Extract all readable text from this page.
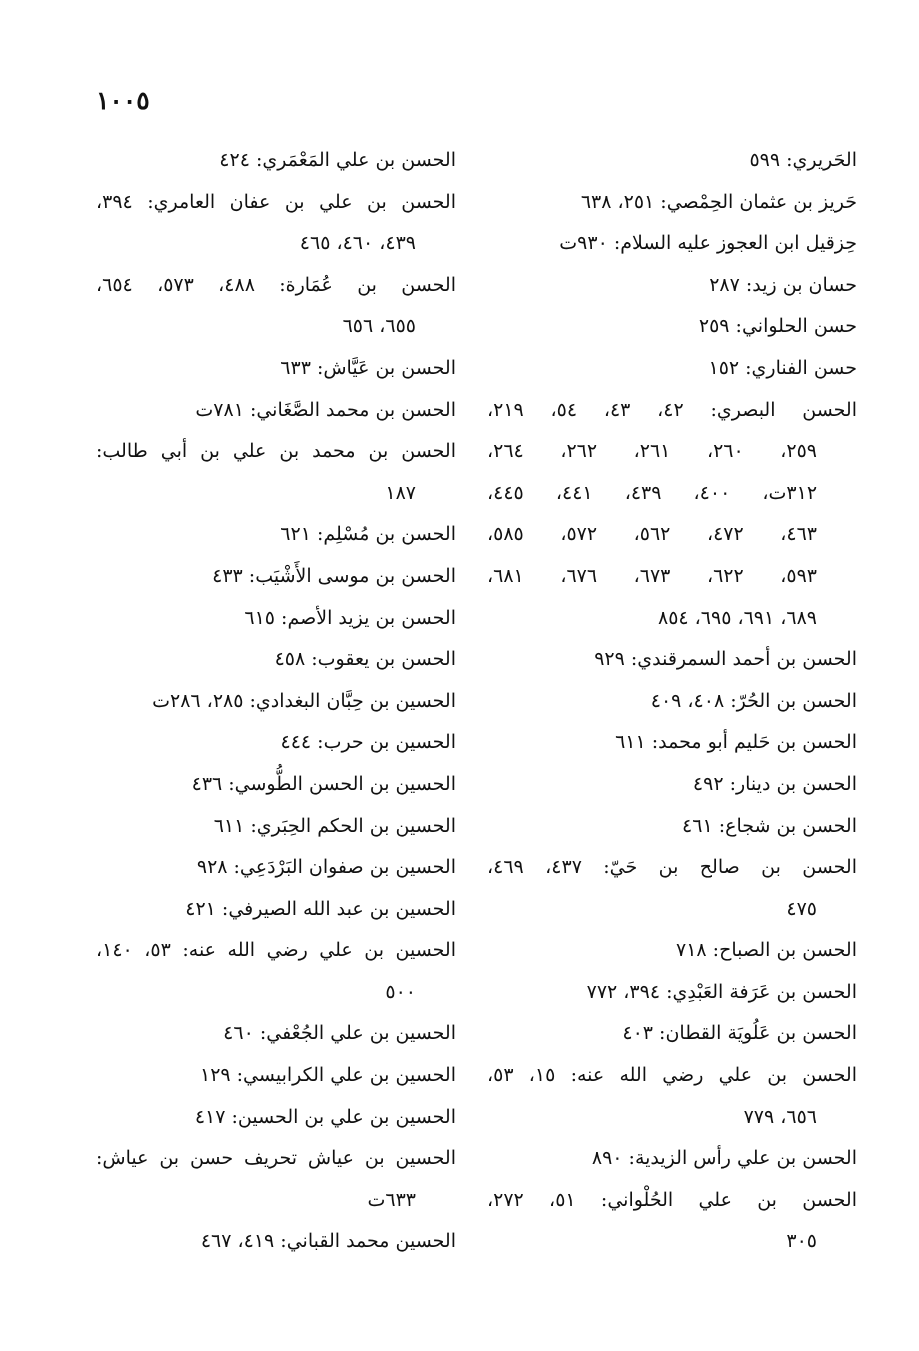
١٠٠٥
الحَريري: ٥٩٩
حَريز بن عثمان الحِمْصي: ٢٥١، ٦٣٨
حِزقيل ابن العجوز عليه السلام: ٩٣٠ت
حسان بن زيد: ٢٨٧
حسن الحلواني: ٢٥٩
حسن الفناري: ١٥٢
الحسن البصري: ٤٢، ٤٣، ٥٤، ٢١٩،
٢٥٩، ٢٦٠، ٢٦١، ٢٦٢، ٢٦٤،
٣١٢ت، ٤٠٠، ٤٣٩، ٤٤١، ٤٤٥،
٤٦٣، ٤٧٢، ٥٦٢، ٥٧٢، ٥٨٥،
٥٩٣، ٦٢٢، ٦٧٣، ٦٧٦، ٦٨١،
٦٨٩، ٦٩١، ٦٩٥، ٨٥٤
الحسن بن أحمد السمرقندي: ٩٢٩
الحسن بن الحُرّ: ٤٠٨، ٤٠٩
الحسن بن حَليم أبو محمد: ٦١١
الحسن بن دينار: ٤٩٢
الحسن بن شجاع: ٤٦١
الحسن بن صالح بن حَيّ: ٤٣٧، ٤٦٩،
٤٧٥
الحسن بن الصباح: ٧١٨
الحسن بن عَرَفة العَبْدِي: ٣٩٤، ٧٧٢
الحسن بن عَلُويَة القطان: ٤٠٣
الحسن بن علي رضي الله عنه: ١٥، ٥٣،
٦٥٦، ٧٧٩
الحسن بن علي رأس الزيدية: ٨٩٠
الحسن بن علي الحُلْواني: ٥١، ٢٧٢،
٣٠٥
الحسن بن علي المَعْمَري: ٤٢٤
الحسن بن علي بن عفان العامري: ٣٩٤،
٤٣٩، ٤٦٠، ٤٦٥
الحسن بن عُمَارة: ٤٨٨، ٥٧٣، ٦٥٤،
٦٥٥، ٦٥٦
الحسن بن عَيَّاش: ٦٣٣
الحسن بن محمد الصَّغَاني: ٧٨١ت
الحسن بن محمد بن علي بن أبي طالب:
١٨٧
الحسن بن مُسْلِم: ٦٢١
الحسن بن موسى الأَشْيَب: ٤٣٣
الحسن بن يزيد الأصم: ٦١٥
الحسن بن يعقوب: ٤٥٨
الحسين بن حِبَّان البغدادي: ٢٨٥، ٢٨٦ت
الحسين بن حرب: ٤٤٤
الحسين بن الحسن الطُّوسي: ٤٣٦
الحسين بن الحكم الحِبَري: ٦١١
الحسين بن صفوان البَرْدَعِي: ٩٢٨
الحسين بن عبد الله الصيرفي: ٤٢١
الحسين بن علي رضي الله عنه: ٥٣، ١٤٠،
٥٠٠
الحسين بن علي الجُعْفي: ٤٦٠
الحسين بن علي الكرابيسي: ١٢٩
الحسين بن علي بن الحسين: ٤١٧
الحسين بن عياش تحريف حسن بن عياش:
٦٣٣ت
الحسين محمد القباني: ٤١٩، ٤٦٧
